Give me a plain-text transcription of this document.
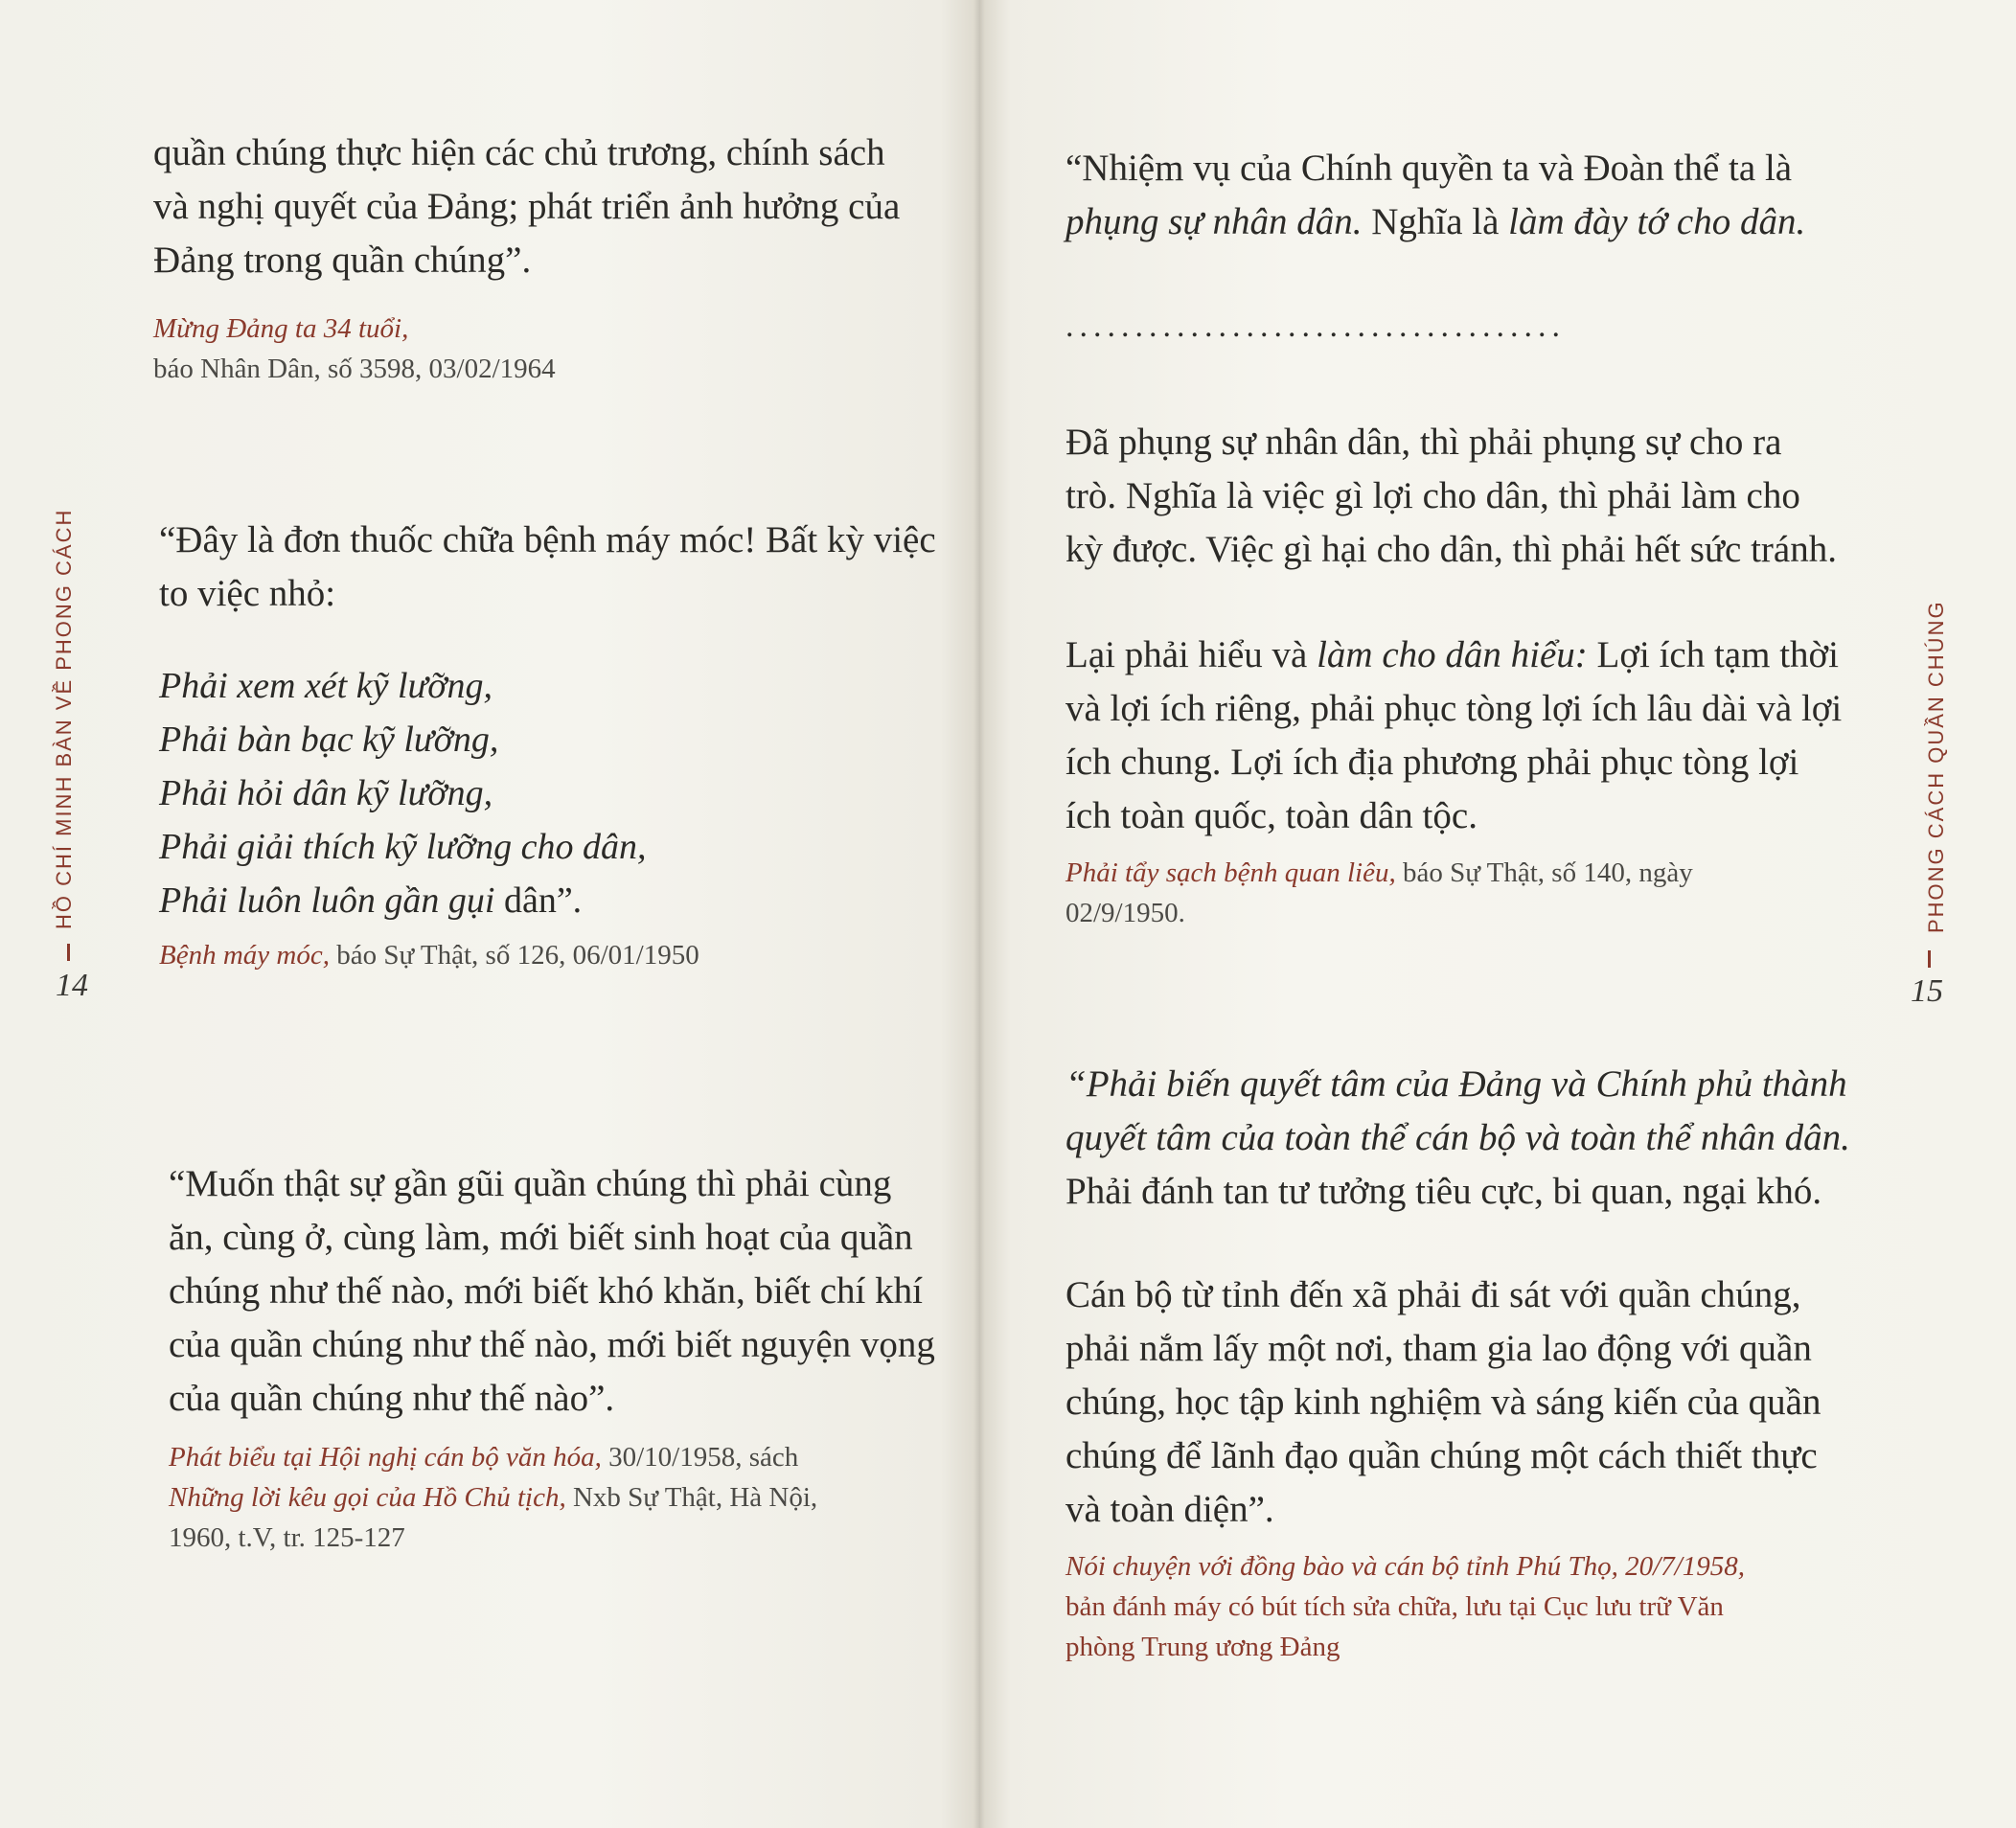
HỒ CHÍ MINH BÀN VỀ PHONG CÁCH
14

quần chúng thực hiện các chủ trương, chính sách

và nghị quyết của Đảng; phát triển ảnh hưởng của

Đảng trong quần chúng”.

Mừng Đảng ta 34 tuổi,

báo Nhân Dân, số 3598, 03/02/1964

“Đây là đơn thuốc chữa bệnh máy móc! Bất kỳ việc

to việc nhỏ:

Phải xem xét kỹ lưỡng,

Phải bàn bạc kỹ lưỡng,

Phải hỏi dân kỹ lưỡng,

Phải giải thích kỹ lưỡng cho dân,

Phải luôn luôn gần gụi dân”.

Bệnh máy móc, báo Sự Thật, số 126, 06/01/1950

“Muốn thật sự gần gũi quần chúng thì phải cùng

ăn, cùng ở, cùng làm, mới biết sinh hoạt của quần

chúng như thế nào, mới biết khó khăn, biết chí khí

của quần chúng như thế nào, mới biết nguyện vọng

của quần chúng như thế nào”.

Phát biểu tại Hội nghị cán bộ văn hóa, 30/10/1958, sách

Những lời kêu gọi của Hồ Chủ tịch, Nxb Sự Thật, Hà Nội,

1960, t.V, tr. 125-127

“Nhiệm vụ của Chính quyền ta và Đoàn thể ta là

phụng sự nhân dân. Nghĩa là làm đày tớ cho dân.

....................................

Đã phụng sự nhân dân, thì phải phụng sự cho ra

trò. Nghĩa là việc gì lợi cho dân, thì phải làm cho

kỳ được. Việc gì hại cho dân, thì phải hết sức tránh.

Lại phải hiểu và làm cho dân hiểu: Lợi ích tạm thời

và lợi ích riêng, phải phục tòng lợi ích lâu dài và lợi

ích chung. Lợi ích địa phương phải phục tòng lợi

ích toàn quốc, toàn dân tộc.

Phải tẩy sạch bệnh quan liêu, báo Sự Thật, số 140, ngày

02/9/1950.

“Phải biến quyết tâm của Đảng và Chính phủ thành

quyết tâm của toàn thể cán bộ và toàn thể nhân dân.

Phải đánh tan tư tưởng tiêu cực, bi quan, ngại khó.

Cán bộ từ tỉnh đến xã phải đi sát với quần chúng,

phải nắm lấy một nơi, tham gia lao động với quần

chúng, học tập kinh nghiệm và sáng kiến của quần

chúng để lãnh đạo quần chúng một cách thiết thực

và toàn diện”.

Nói chuyện với đồng bào và cán bộ tỉnh Phú Thọ, 20/7/1958,

bản đánh máy có bút tích sửa chữa, lưu tại Cục lưu trữ Văn

phòng Trung ương Đảng

PHONG CÁCH QUẦN CHÚNG
15
